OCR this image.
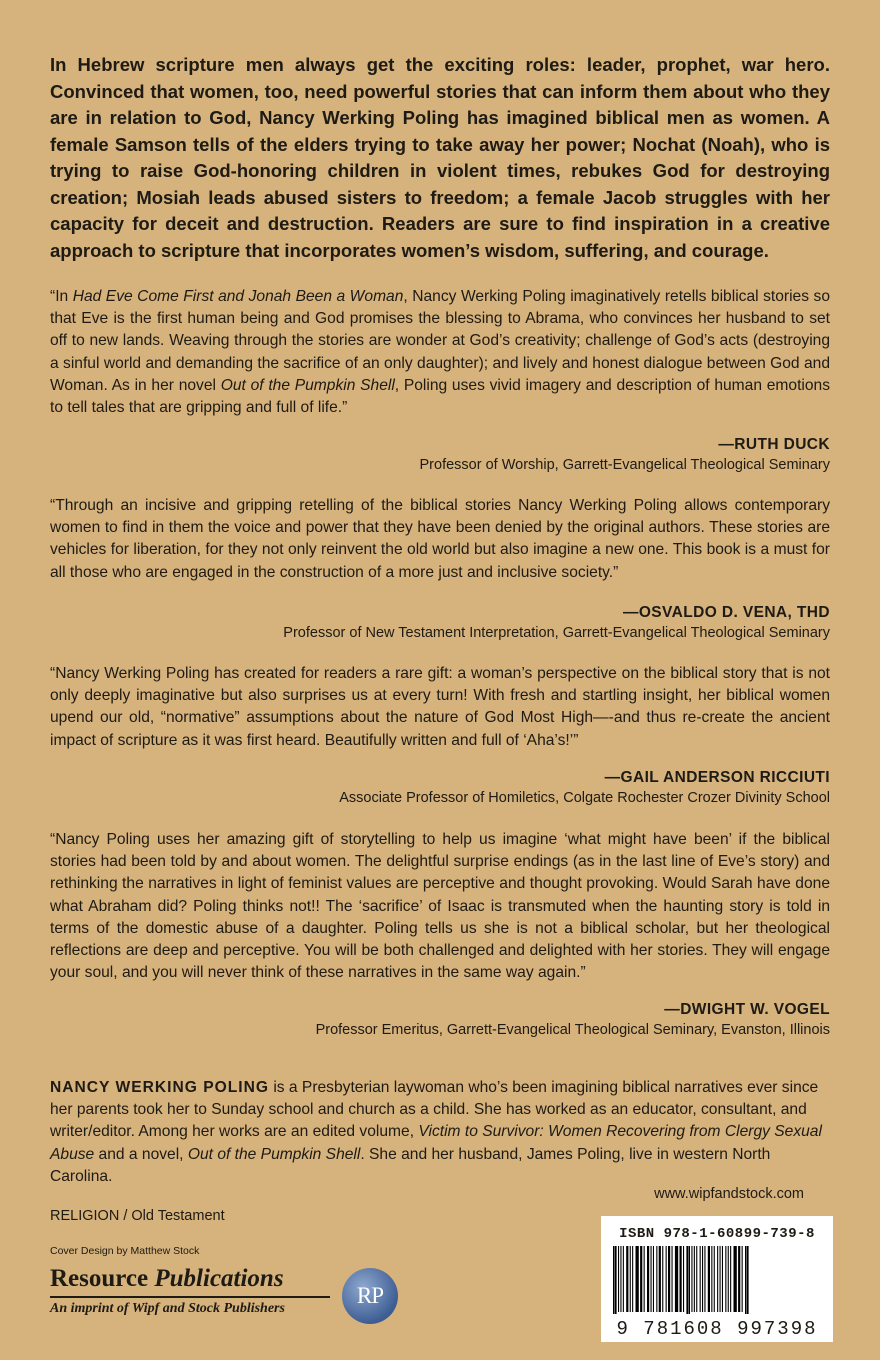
In Hebrew scripture men always get the exciting roles: leader, prophet, war hero. Convinced that women, too, need powerful stories that can inform them about who they are in relation to God, Nancy Werking Poling has imagined biblical men as women. A female Samson tells of the elders trying to take away her power; Nochat (Noah), who is trying to raise God-honoring children in violent times, rebukes God for destroying creation; Mosiah leads abused sisters to freedom; a female Jacob struggles with her capacity for deceit and destruction. Readers are sure to find inspiration in a creative approach to scripture that incorporates women’s wisdom, suffering, and courage.

“In Had Eve Come First and Jonah Been a Woman, Nancy Werking Poling imaginatively retells biblical stories so that Eve is the first human being and God promises the blessing to Abrama, who convinces her husband to set off to new lands. Weaving through the stories are wonder at God’s creativity; challenge of God’s acts (destroying a sinful world and demanding the sacrifice of an only daughter); and lively and honest dialogue between God and Woman. As in her novel Out of the Pumpkin Shell, Poling uses vivid imagery and description of human emotions to tell tales that are gripping and full of life.”

—RUTH DUCK
Professor of Worship, Garrett-Evangelical Theological Seminary

“Through an incisive and gripping retelling of the biblical stories Nancy Werking Poling allows contemporary women to find in them the voice and power that they have been denied by the original authors. These stories are vehicles for liberation, for they not only reinvent the old world but also imagine a new one. This book is a must for all those who are engaged in the construction of a more just and inclusive society.”

—OSVALDO D. VENA, THD
Professor of New Testament Interpretation, Garrett-Evangelical Theological Seminary

“Nancy Werking Poling has created for readers a rare gift: a woman’s perspective on the biblical story that is not only deeply imaginative but also surprises us at every turn! With fresh and startling insight, her biblical women upend our old, “normative” assumptions about the nature of God Most High—-and thus re-create the ancient impact of scripture as it was first heard. Beautifully written and full of ‘Aha’s!’”

—GAIL ANDERSON RICCIUTI
Associate Professor of Homiletics, Colgate Rochester Crozer Divinity School

“Nancy Poling uses her amazing gift of storytelling to help us imagine ‘what might have been’ if the biblical stories had been told by and about women. The delightful surprise endings (as in the last line of Eve’s story) and rethinking the narratives in light of feminist values are perceptive and thought provoking. Would Sarah have done what Abraham did? Poling thinks not!! The ‘sacrifice’ of Isaac is transmuted when the haunting story is told in terms of the domestic abuse of a daughter. Poling tells us she is not a biblical scholar, but her theological reflections are deep and perceptive. You will be both challenged and delighted with her stories. They will engage your soul, and you will never think of these narratives in the same way again.”

—DWIGHT W. VOGEL
Professor Emeritus, Garrett-Evangelical Theological Seminary, Evanston, Illinois

NANCY WERKING POLING is a Presbyterian laywoman who’s been imagining biblical narratives ever since her parents took her to Sunday school and church as a child. She has worked as an educator, consultant, and writer/editor. Among her works are an edited volume, Victim to Survivor: Women Recovering from Clergy Sexual Abuse and a novel, Out of the Pumpkin Shell. She and her husband, James Poling, live in western North Carolina.

www.wipfandstock.com
RELIGION / Old Testament
Cover Design by Matthew Stock
Resource Publications
An imprint of Wipf and Stock Publishers
RP
ISBN 978-1-60899-739-8
9 781608 997398
